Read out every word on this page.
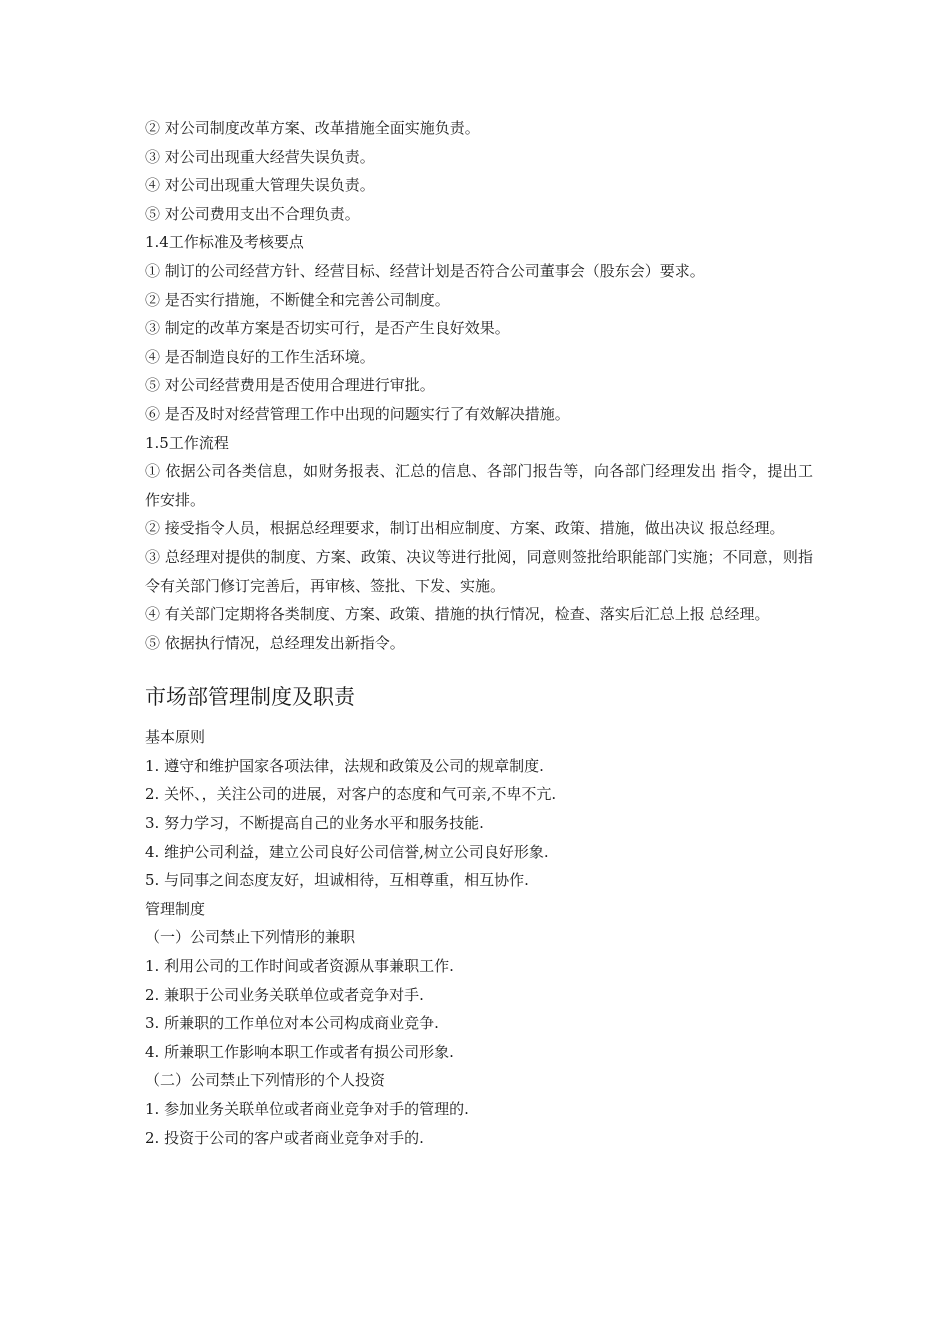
② 对公司制度改革方案、改革措施全面实施负责。
③ 对公司出现重大经营失误负责。
④ 对公司出现重大管理失误负责。
⑤ 对公司费用支出不合理负责。
1.4工作标准及考核要点
① 制订的公司经营方针、经营目标、经营计划是否符合公司董事会（股东会）要求。
② 是否实行措施，不断健全和完善公司制度。
③ 制定的改革方案是否切实可行，是否产生良好效果。
④ 是否制造良好的工作生活环境。
⑤ 对公司经营费用是否使用合理进行审批。
⑥ 是否及时对经营管理工作中出现的问题实行了有效解决措施。
1.5工作流程
① 依据公司各类信息，如财务报表、汇总的信息、各部门报告等，向各部门经理发出 指令，提出工作安排。
② 接受指令人员，根据总经理要求，制订出相应制度、方案、政策、措施，做出决议 报总经理。
③ 总经理对提供的制度、方案、政策、决议等进行批阅，同意则签批给职能部门实施；不同意，则指令有关部门修订完善后，再审核、签批、下发、实施。
④ 有关部门定期将各类制度、方案、政策、措施的执行情况，检查、落实后汇总上报 总经理。
⑤ 依据执行情况，总经理发出新指令。
市场部管理制度及职责
基本原则
1. 遵守和维护国家各项法律，法规和政策及公司的规章制度.
2. 关怀、，关注公司的进展，对客户的态度和气可亲,不卑不亢.
3. 努力学习，不断提高自己的业务水平和服务技能.
4. 维护公司利益，建立公司良好公司信誉,树立公司良好形象.
5. 与同事之间态度友好，坦诚相待，互相尊重，相互协作.
管理制度
（一）公司禁止下列情形的兼职
1. 利用公司的工作时间或者资源从事兼职工作.
2. 兼职于公司业务关联单位或者竞争对手.
3. 所兼职的工作单位对本公司构成商业竞争.
4. 所兼职工作影响本职工作或者有损公司形象.
（二）公司禁止下列情形的个人投资
1. 参加业务关联单位或者商业竞争对手的管理的.
2. 投资于公司的客户或者商业竞争对手的.
